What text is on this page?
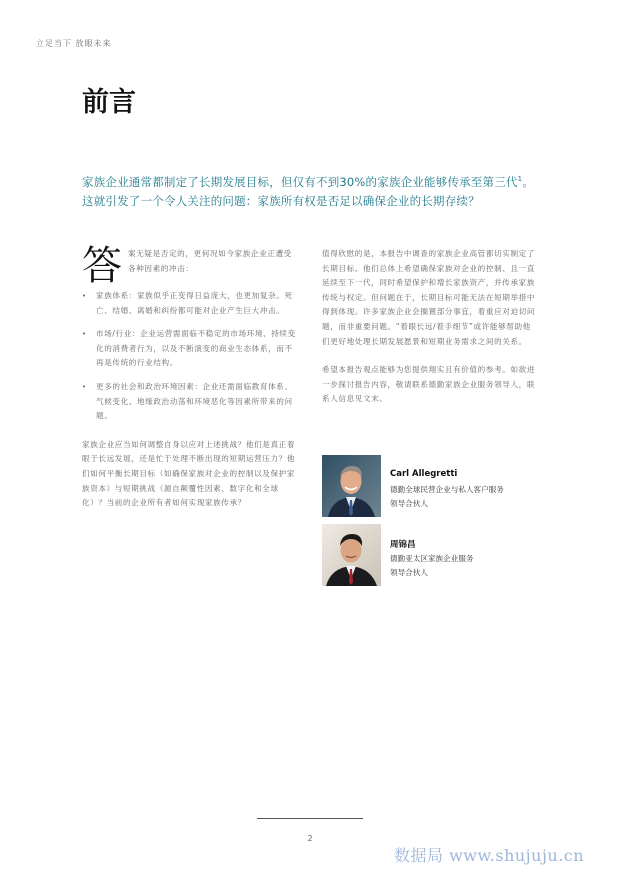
立足当下 放眼未来
前言
家族企业通常都制定了长期发展目标，但仅有不到30%的家族企业能够传承至第三代$^1$。这就引发了一个令人关注的问题：家族所有权是否足以确保企业的长期存续？
答 案无疑是否定的，更何况如今家族企业正遭受各种因素的冲击：
• 家族体系：家族似乎正变得日益庞大，也更加复杂。死亡、结婚、离婚和纠纷都可能对企业产生巨大冲击。
• 市场/行业：企业运营需面临不稳定的市场环境、持续变化的消费者行为，以及不断演变的商业生态体系，而不再是传统的行业结构。
• 更多的社会和政治环境因素：企业还需面临教育体系、气候变化、地缘政治动荡和环境恶化等因素所带来的问题。

家族企业应当如何调整自身以应对上述挑战？他们是真正着眼于长远发展，还是忙于处理不断出现的短期运营压力？他们如何平衡长期目标（如确保家族对企业的控制以及保护家族资本）与短期挑战（源自颠覆性因素、数字化和全球化）？当前的企业所有者如何实现家族传承？

值得欣慰的是，本报告中调查的家族企业高管都切实制定了长期目标。他们总体上希望确保家族对企业的控制、且一直延续至下一代，同时希望保护和增长家族资产，并传承家族传统与权定。但问题在于，长期目标可能无法在短期举措中得到体现。许多家族企业会搁置部分事宜，着重应对迫切问题，而非重要问题。“着眼长远/着手细节”或许能够帮助他们更好地处理长期发展愿景和短期业务需求之间的关系。

希望本报告观点能够为您提供翔实且有价值的参考。如欲进一步探讨报告内容，敬请联系德勤家族企业服务领导人，联系人信息见文末。

Carl Allegretti
德勤全球民营企业与私人客户服务
领导合伙人
周锦昌
德勤亚太区家族企业服务
领导合伙人
2
数据局 www.shujuju.cn
